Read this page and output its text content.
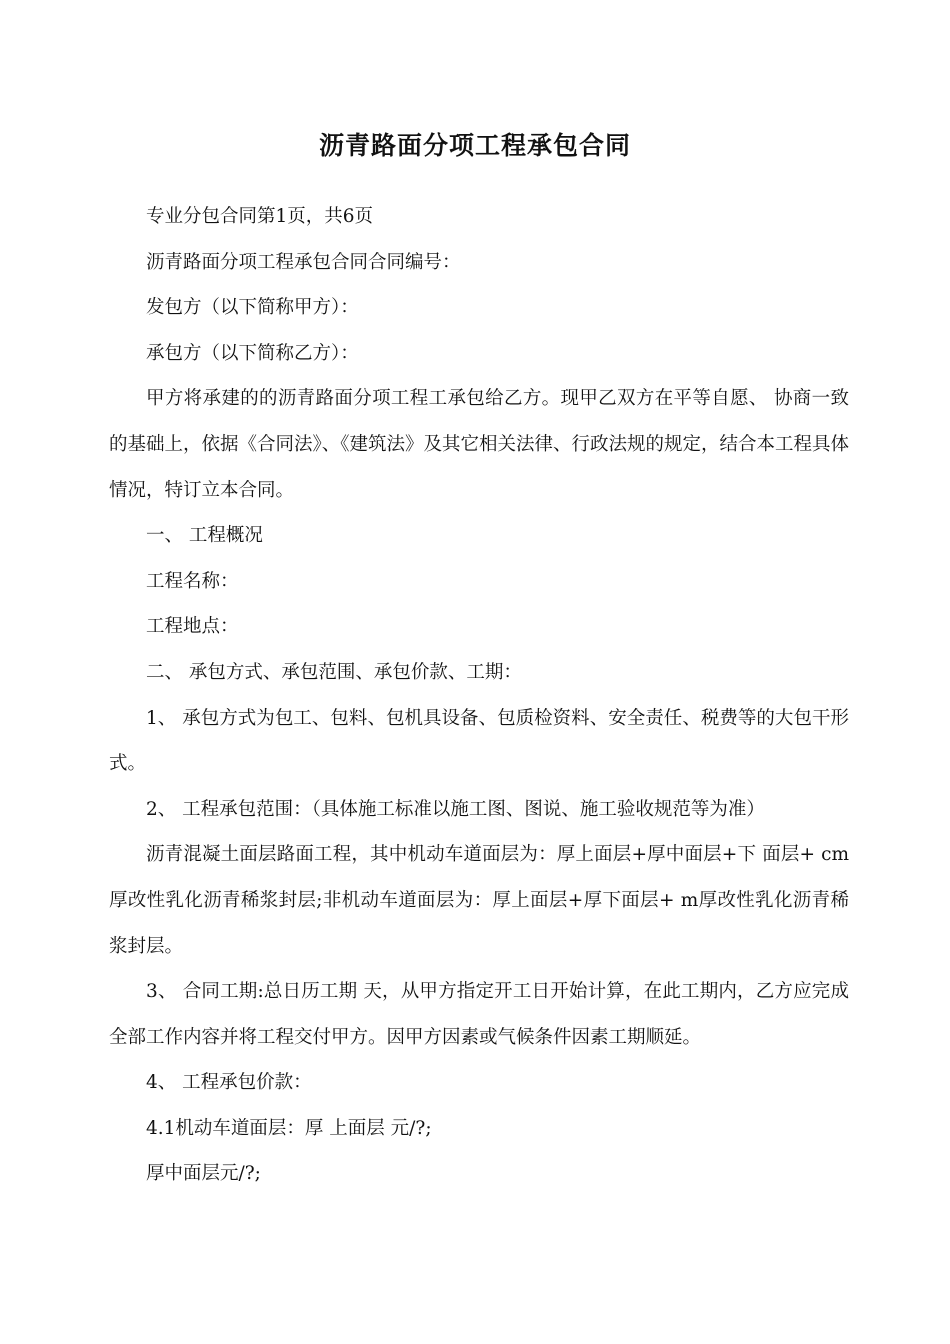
沥青路面分项工程承包合同

专业分包合同第1页，共6页

沥青路面分项工程承包合同合同编号：

发包方（以下简称甲方）：

承包方（以下简称乙方）：

甲方将承建的的沥青路面分项工程工承包给乙方。现甲乙双方在平等自愿、 协商一致的基础上，依据《合同法》、《建筑法》及其它相关法律、行政法规的规定，结合本工程具体情况，特订立本合同。

一、 工程概况

工程名称：

工程地点：

二、 承包方式、承包范围、承包价款、工期：

1、 承包方式为包工、包料、包机具设备、包质检资料、安全责任、税费等的大包干形式。

2、 工程承包范围：（具体施工标准以施工图、图说、施工验收规范等为准）

沥青混凝土面层路面工程，其中机动车道面层为：厚上面层+厚中面层+下 面层+ cm厚改性乳化沥青稀浆封层;非机动车道面层为：厚上面层+厚下面层+ m厚改性乳化沥青稀浆封层。

3、 合同工期:总日历工期 天，从甲方指定开工日开始计算，在此工期内，乙方应完成全部工作内容并将工程交付甲方。因甲方因素或气候条件因素工期顺延。

4、 工程承包价款：

4.1机动车道面层：厚 上面层 元/?;

厚中面层元/?;
